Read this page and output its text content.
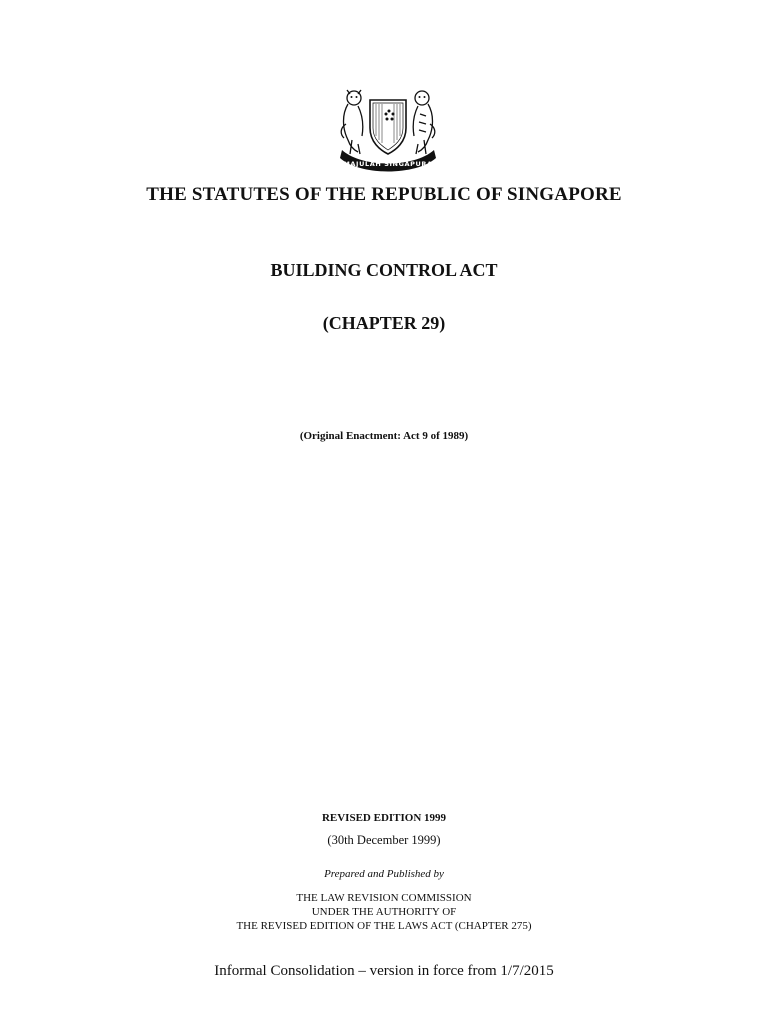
MAJULAH SINGAPURA
THE STATUTES OF THE REPUBLIC OF SINGAPORE
BUILDING CONTROL ACT
(CHAPTER 29)
(Original Enactment: Act 9 of 1989)
REVISED EDITION 1999
(30th December 1999)
Prepared and Published by
THE LAW REVISION COMMISSION
UNDER THE AUTHORITY OF
THE REVISED EDITION OF THE LAWS ACT (CHAPTER 275)
Informal Consolidation – version in force from 1/7/2015
